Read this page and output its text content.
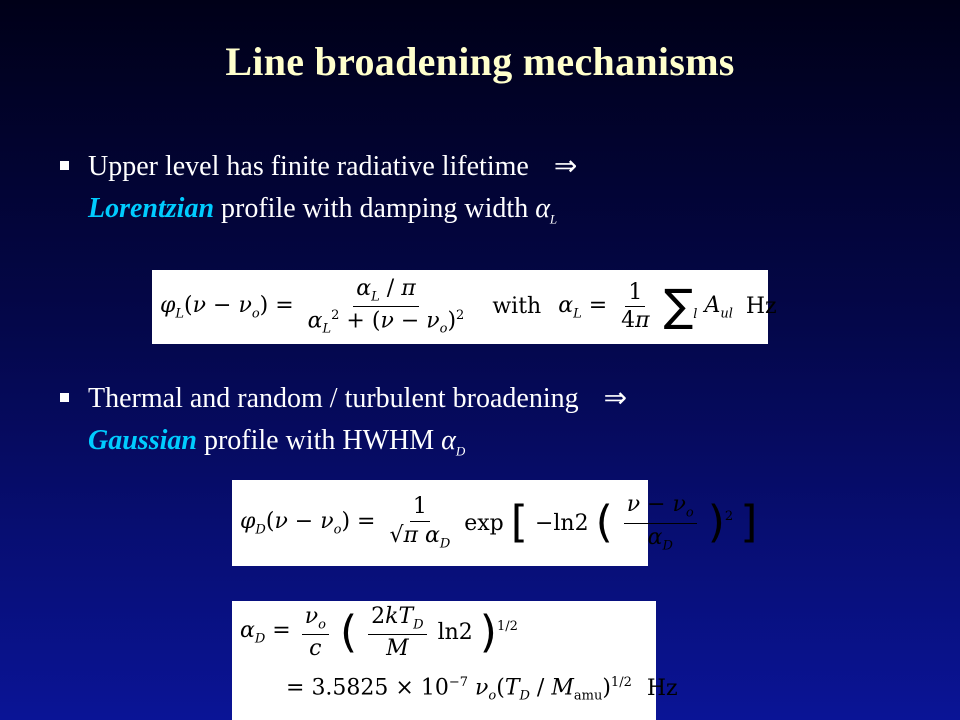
Line broadening mechanisms
Upper level has finite radiative lifetime ⇒
Lorentzian profile with damping width $\alpha_L$
$\varphi_L(\nu - \nu_o) = \frac{\alpha_L / \pi}{\alpha_L^2 + (\nu - \nu_o)^2}$ with $\alpha_L = \frac{1}{4\pi} \sum_l$ $A_{ul}$ Hz
Thermal and random / turbulent broadening ⇒
Gaussian profile with HWHM $\alpha_D$
$\varphi_D(\nu - \nu_o) = \frac{1}{√\pi \alpha_D}$ exp [ −ln2 ( $\frac{\nu - \nu_o}{\alpha_D} )^2$ ]
$\alpha_D = \frac{\nu_o}{c}$ ( $\frac{2kT_D}{M} \ln 2$ )$^{1/2}$
= $3.5825 \times 10^{-7}$ $\nu_o(T_D / M_{amu})^{1/2}$ Hz
